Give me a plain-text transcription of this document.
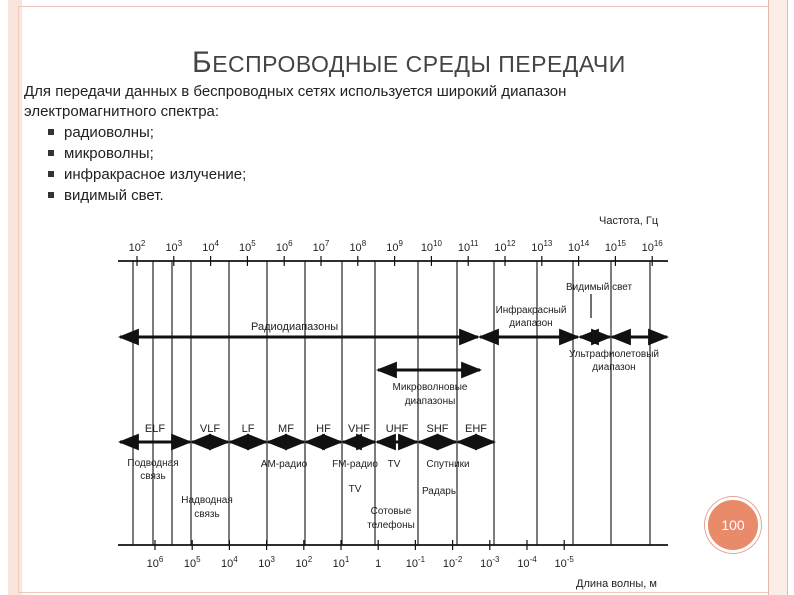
БЕСПРОВОДНЫЕ СРЕДЫ ПЕРЕДАЧИ
Для передачи данных в беспроводных сетях используется широкий диапазон
электромагнитного спектра:
радиоволны;
микроволны;
инфракрасное излучение;
видимый свет.
Частота, Гц
Длина волны, м
$10^2$ $10^3$ $10^4$ $10^5$ $10^6$ $10^7$ $10^8$ $10^9$ $10^{10}$ $10^{11}$ $10^{12}$ $10^{13}$ $10^{14}$ $10^{15}$ $10^{16}$
$10^6$ $10^5$ $10^4$ $10^3$ $10^2$ $10^1$ 1 $10^{-1}$ $10^{-2}$ $10^{-3}$ $10^{-4}$ $10^{-5}$
Видимый свет
Инфракрасный
диапазон
Радиодиапазоны
Ультрафиолетовый
диапазон
Микроволновые
диапазоны
ELF	VLF LF MF HF VHF UHF SHF EHF
Подводная
связь
Надводная
связь
AM-радио FM-радио TV
TV
Спутники
Радары
Сотовые
телефоны	100
